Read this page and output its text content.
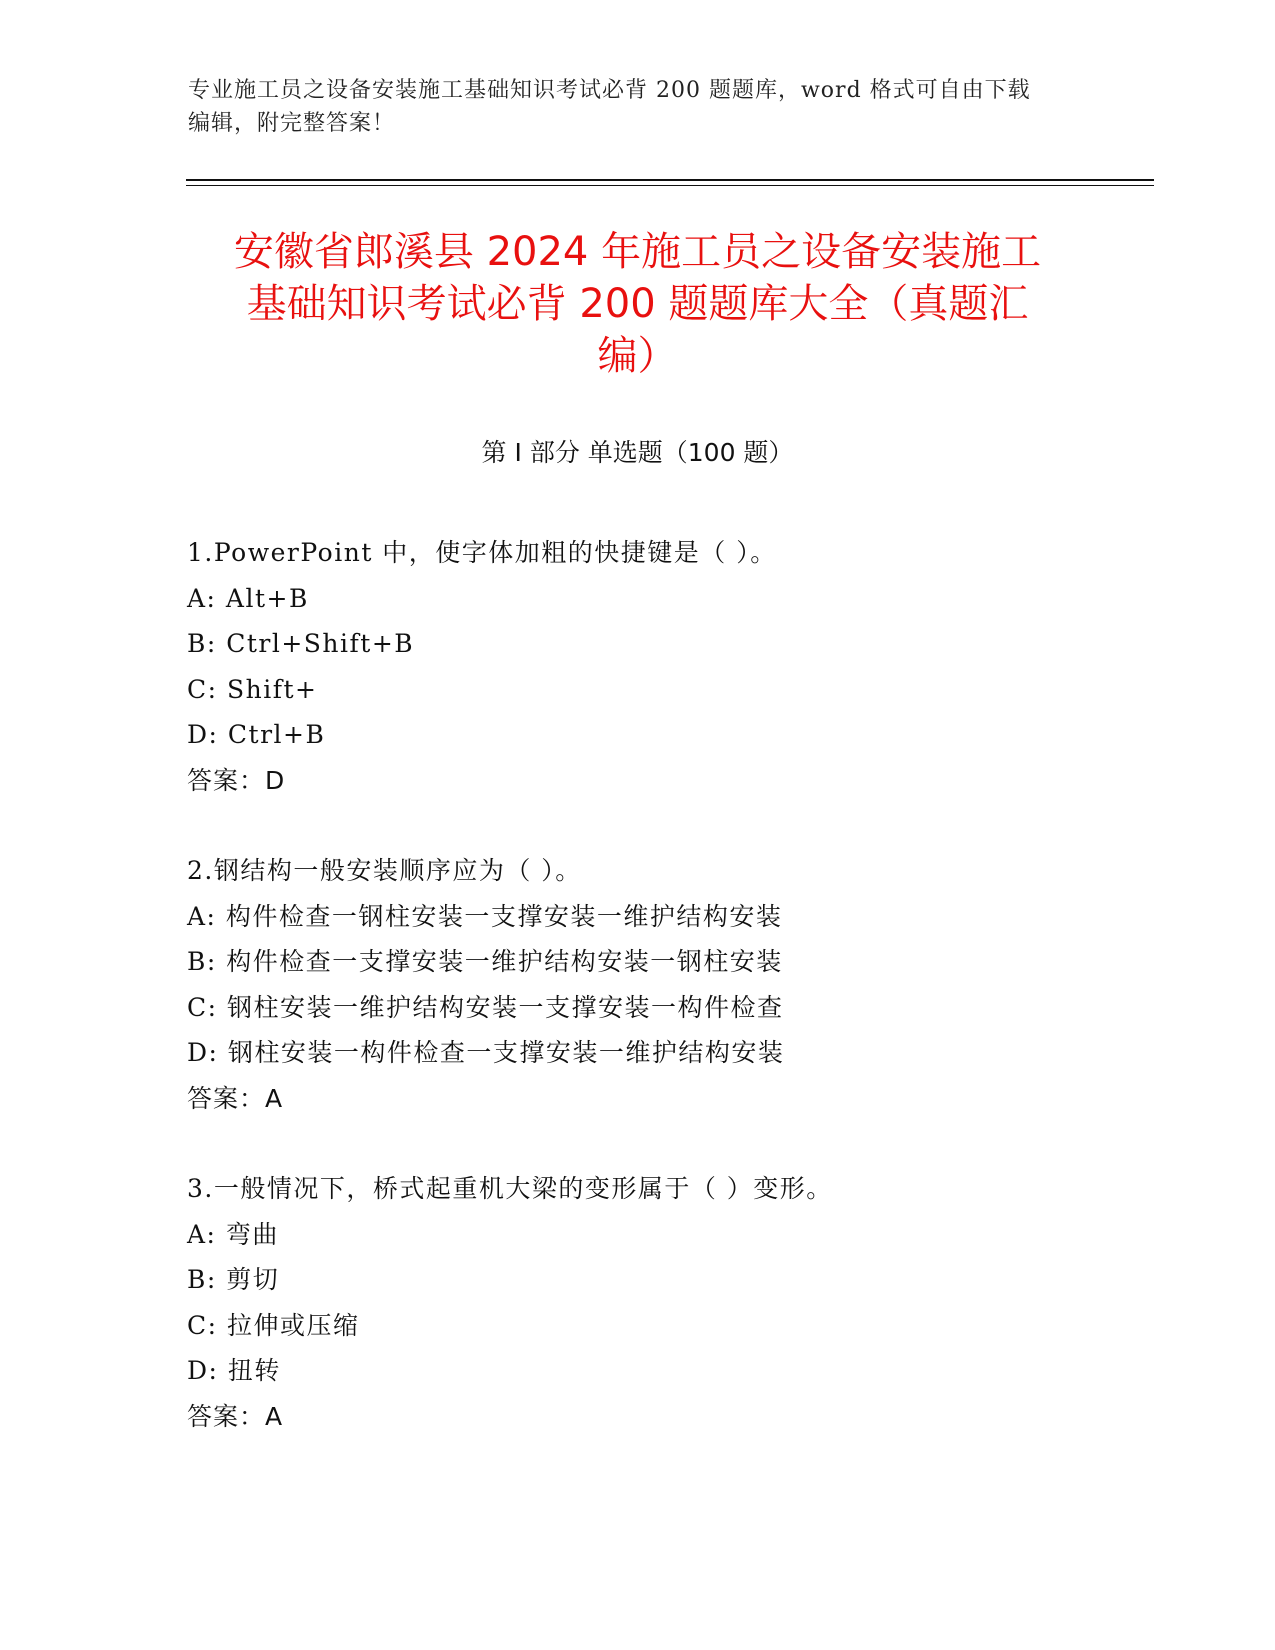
专业施工员之设备安装施工基础知识考试必背 200 题题库，word 格式可自由下载
编辑，附完整答案！
安徽省郎溪县 2024 年施工员之设备安装施工
基础知识考试必背 200 题题库大全（真题汇
编）
第 I 部分 单选题（100 题）
1.PowerPoint 中，使字体加粗的快捷键是（ ）。
A: Alt+B
B: Ctrl+Shift+B
C: Shift+
D: Ctrl+B
答案：D
2.钢结构一般安装顺序应为（ ）。
A: 构件检查一钢柱安装一支撑安装一维护结构安装
B: 构件检查一支撑安装一维护结构安装一钢柱安装
C: 钢柱安装一维护结构安装一支撑安装一构件检查
D: 钢柱安装一构件检查一支撑安装一维护结构安装
答案：A
3.一般情况下，桥式起重机大梁的变形属于（ ）变形。
A: 弯曲
B: 剪切
C: 拉伸或压缩
D: 扭转
答案：A
